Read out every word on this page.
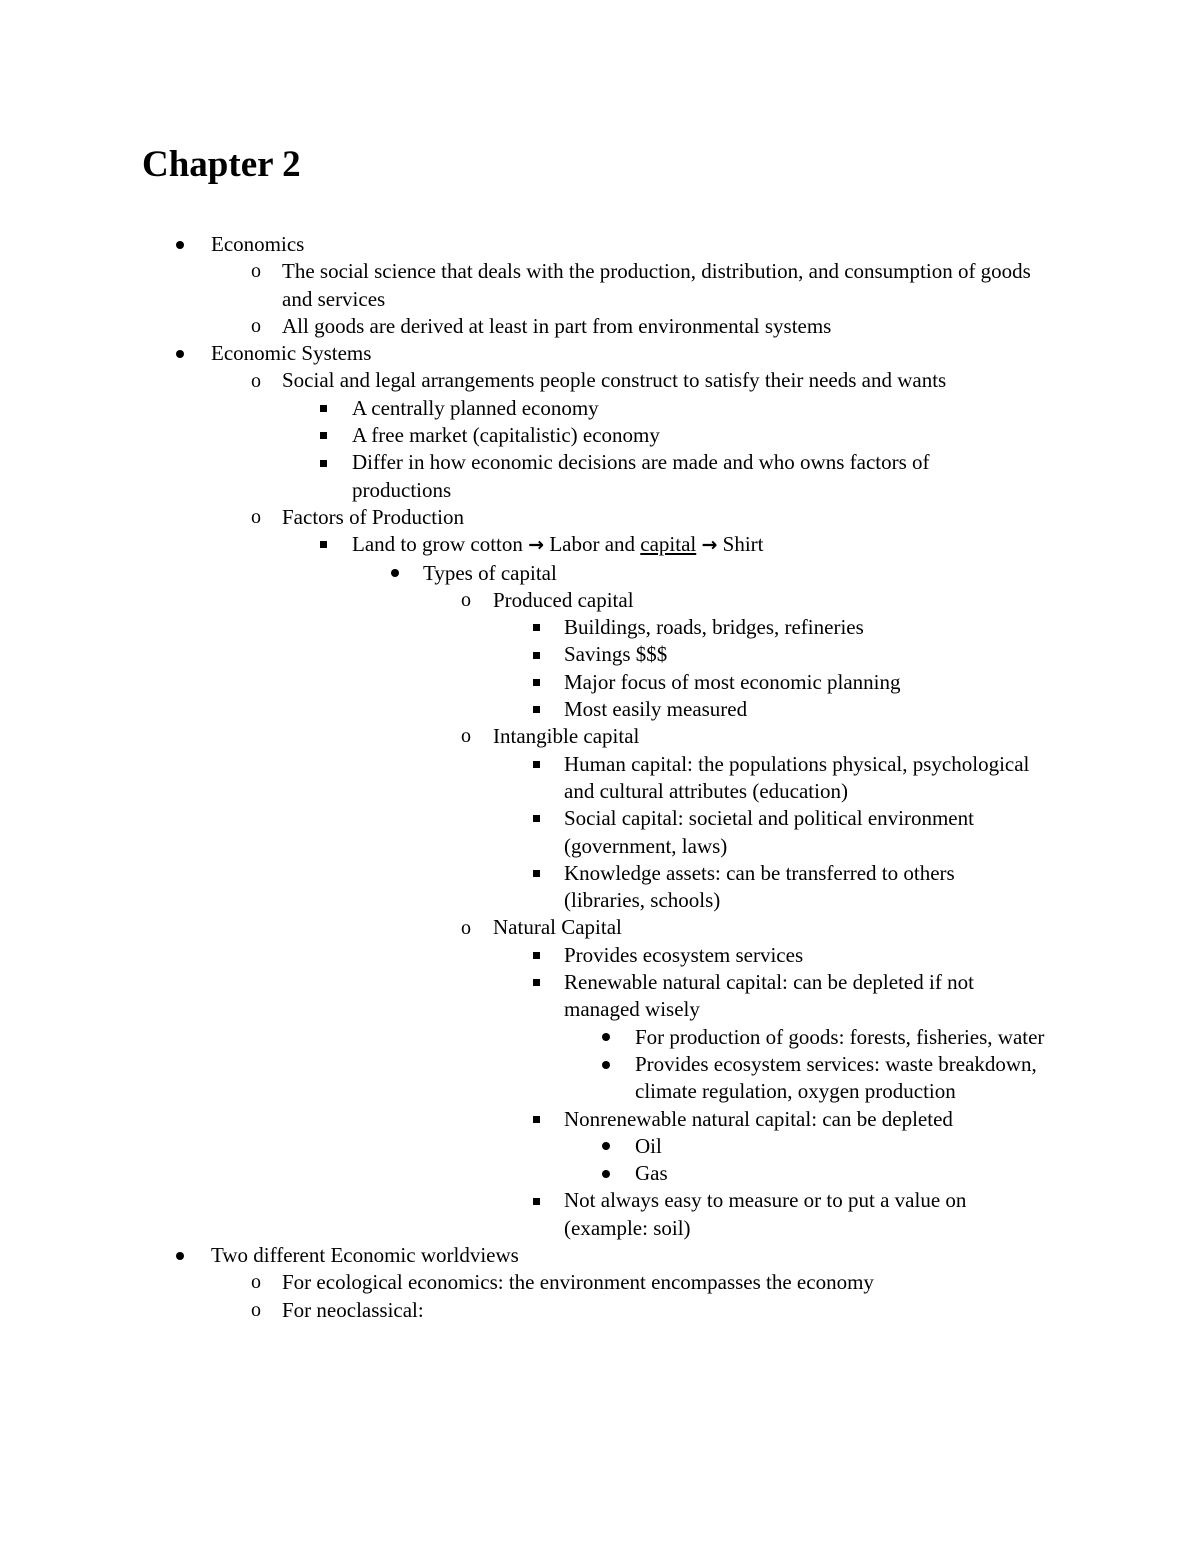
Chapter 2
Economics
o The social science that deals with the production, distribution, and consumption of goods and services
o All goods are derived at least in part from environmental systems
Economic Systems
o Social and legal arrangements people construct to satisfy their needs and wants
A centrally planned economy
A free market (capitalistic) economy
Differ in how economic decisions are made and who owns factors of productions
o Factors of Production
Land to grow cotton → Labor and capital → Shirt
Types of capital
o Produced capital
Buildings, roads, bridges, refineries
Savings $$$
Major focus of most economic planning
Most easily measured
o Intangible capital
Human capital: the populations physical, psychological and cultural attributes (education)
Social capital: societal and political environment (government, laws)
Knowledge assets: can be transferred to others (libraries, schools)
o Natural Capital
Provides ecosystem services
Renewable natural capital: can be depleted if not managed wisely
For production of goods: forests, fisheries, water
Provides ecosystem services: waste breakdown, climate regulation, oxygen production
Nonrenewable natural capital: can be depleted
Oil
Gas
Not always easy to measure or to put a value on (example: soil)
Two different Economic worldviews
o For ecological economics: the environment encompasses the economy
o For neoclassical:
